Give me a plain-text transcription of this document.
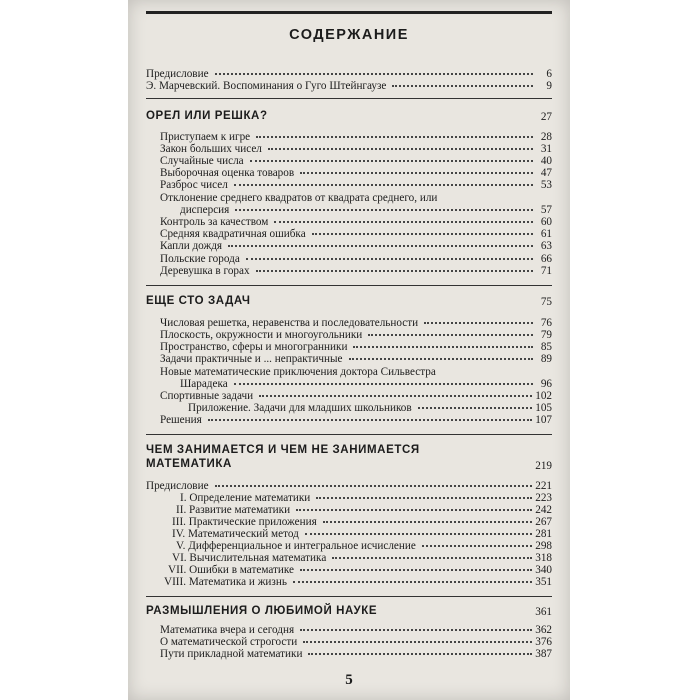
СОДЕРЖАНИЕ
Предисловие	6
Э. Марчевский. Воспоминания о Гуго Штейнгаузе	9
ОРЕЛ ИЛИ РЕШКА?	27
Приступаем к игре	28
Закон больших чисел	31
Случайные числа	40
Выборочная оценка товаров	47
Разброс чисел	53
Отклонение среднего квадратов от квадрата среднего, или
дисперсия	57
Контроль за качеством	60
Средняя квадратичная ошибка	61
Капли дождя	63
Польские города	66
Деревушка в горах	71
ЕЩЕ СТО ЗАДАЧ	75
Числовая решетка, неравенства и последовательности	76
Плоскость, окружности и многоугольники	79
Пространство, сферы и многогранники	85
Задачи практичные и ... непрактичные	89
Новые математические приключения доктора Сильвестра
Шарадека	96
Спортивные задачи	102
Приложение. Задачи для младших школьников	105
Решения	107
ЧЕМ ЗАНИМАЕТСЯ И ЧЕМ НЕ ЗАНИМАЕТСЯ
МАТЕМАТИКА	219
Предисловие	221
I. Определение математики	223
II. Развитие математики	242
III. Практические приложения	267
IV. Математический метод	281
V. Дифференциальное и интегральное исчисление	298
VI. Вычислительная математика	318
VII. Ошибки в математике	340
VIII. Математика и жизнь	351
РАЗМЫШЛЕНИЯ О ЛЮБИМОЙ НАУКЕ	361
Математика вчера и сегодня	362
О математической строгости	376
Пути прикладной математики	387
5
